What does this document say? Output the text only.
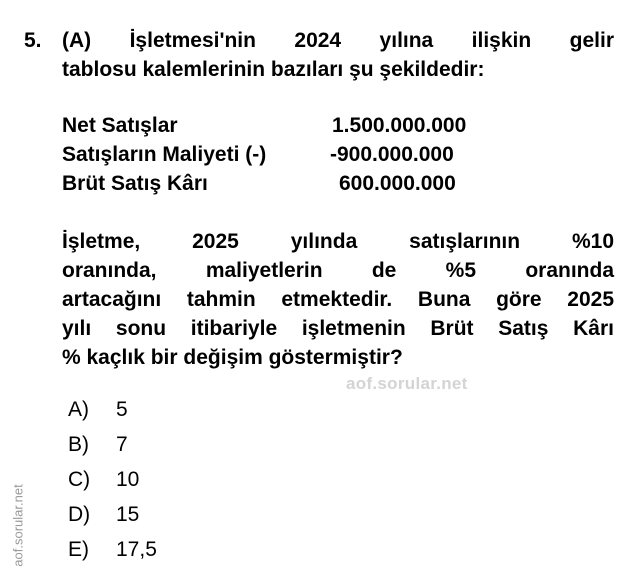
5. (A) İşletmesi'nin 2024 yılına ilişkin gelir
tablosu kalemlerinin bazıları şu şekildedir:
Net Satışlar	1.500.000.000
Satışların Maliyeti (-)	-900.000.000
Brüt Satış Kârı	600.000.000
İşletme, 2025 yılında satışlarının %10
oranında, maliyetlerin de %5 oranında
artacağını tahmin etmektedir. Buna göre 2025
yılı sonu itibariyle işletmenin Brüt Satış Kârı
% kaçlık bir değişim göstermiştir?
aof.sorular.net
A)	5
B)	7
C)	10
D)	15
E)	17,5
aof.sorular.net
